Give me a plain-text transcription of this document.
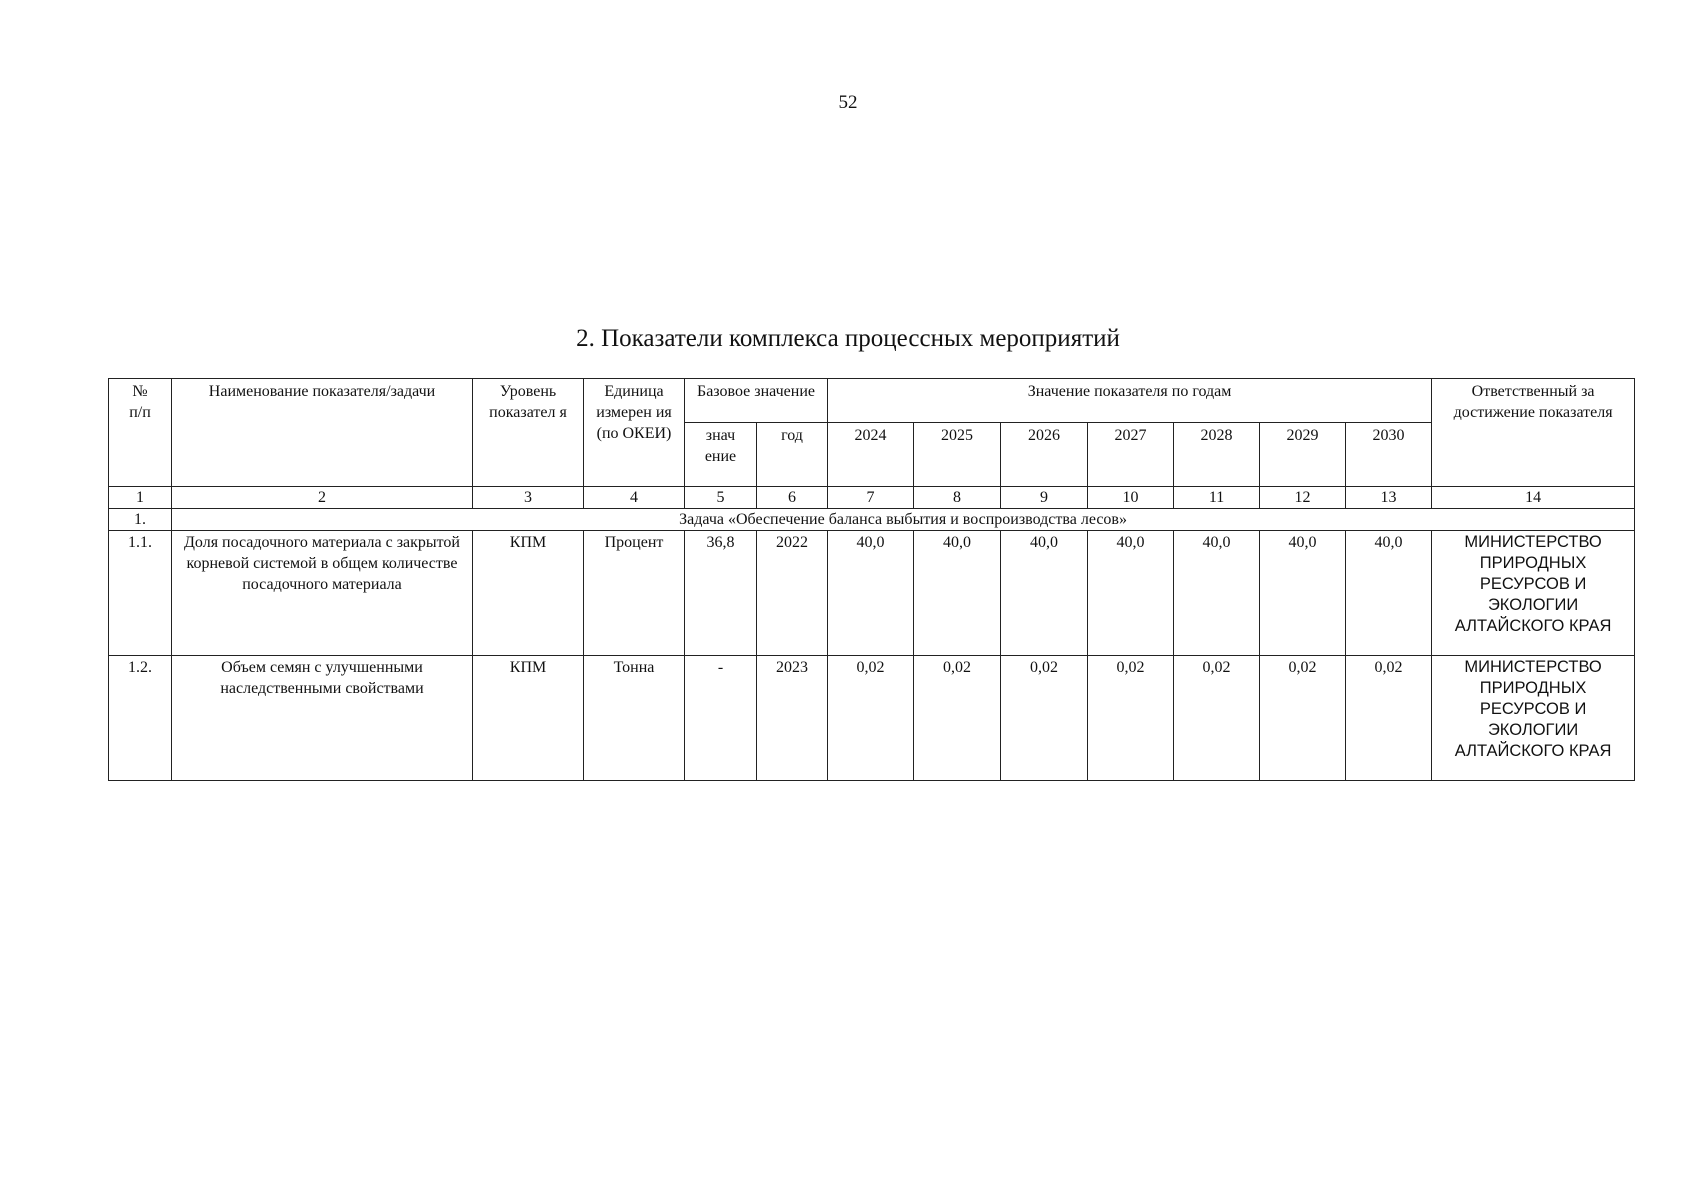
52
2. Показатели комплекса процессных мероприятий
№
п/п	Наименование показателя/задачи	Уровень показател я	Единица измерен ия (по ОКЕИ)	Базовое значение		Значение показателя по годам							Ответственный за достижение показателя
				знач ение	год	2024	2025	2026	2027	2028	2029	2030	
1	2	3	4	5	6	7	8	9	10	11	12	13	14
1.	Задача «Обеспечение баланса выбытия и воспроизводства лесов»												
1.1.	Доля посадочного материала с закрытой корневой системой в общем количестве посадочного материала	КПМ	Процент	36,8	2022	40,0	40,0	40,0	40,0	40,0	40,0	40,0	МИНИСТЕРСТВО ПРИРОДНЫХ РЕСУРСОВ И ЭКОЛОГИИ АЛТАЙСКОГО КРАЯ
1.2.	Объем семян с улучшенными наследственными свойствами	КПМ	Тонна	-	2023	0,02	0,02	0,02	0,02	0,02	0,02	0,02	МИНИСТЕРСТВО ПРИРОДНЫХ РЕСУРСОВ И ЭКОЛОГИИ АЛТАЙСКОГО КРАЯ
